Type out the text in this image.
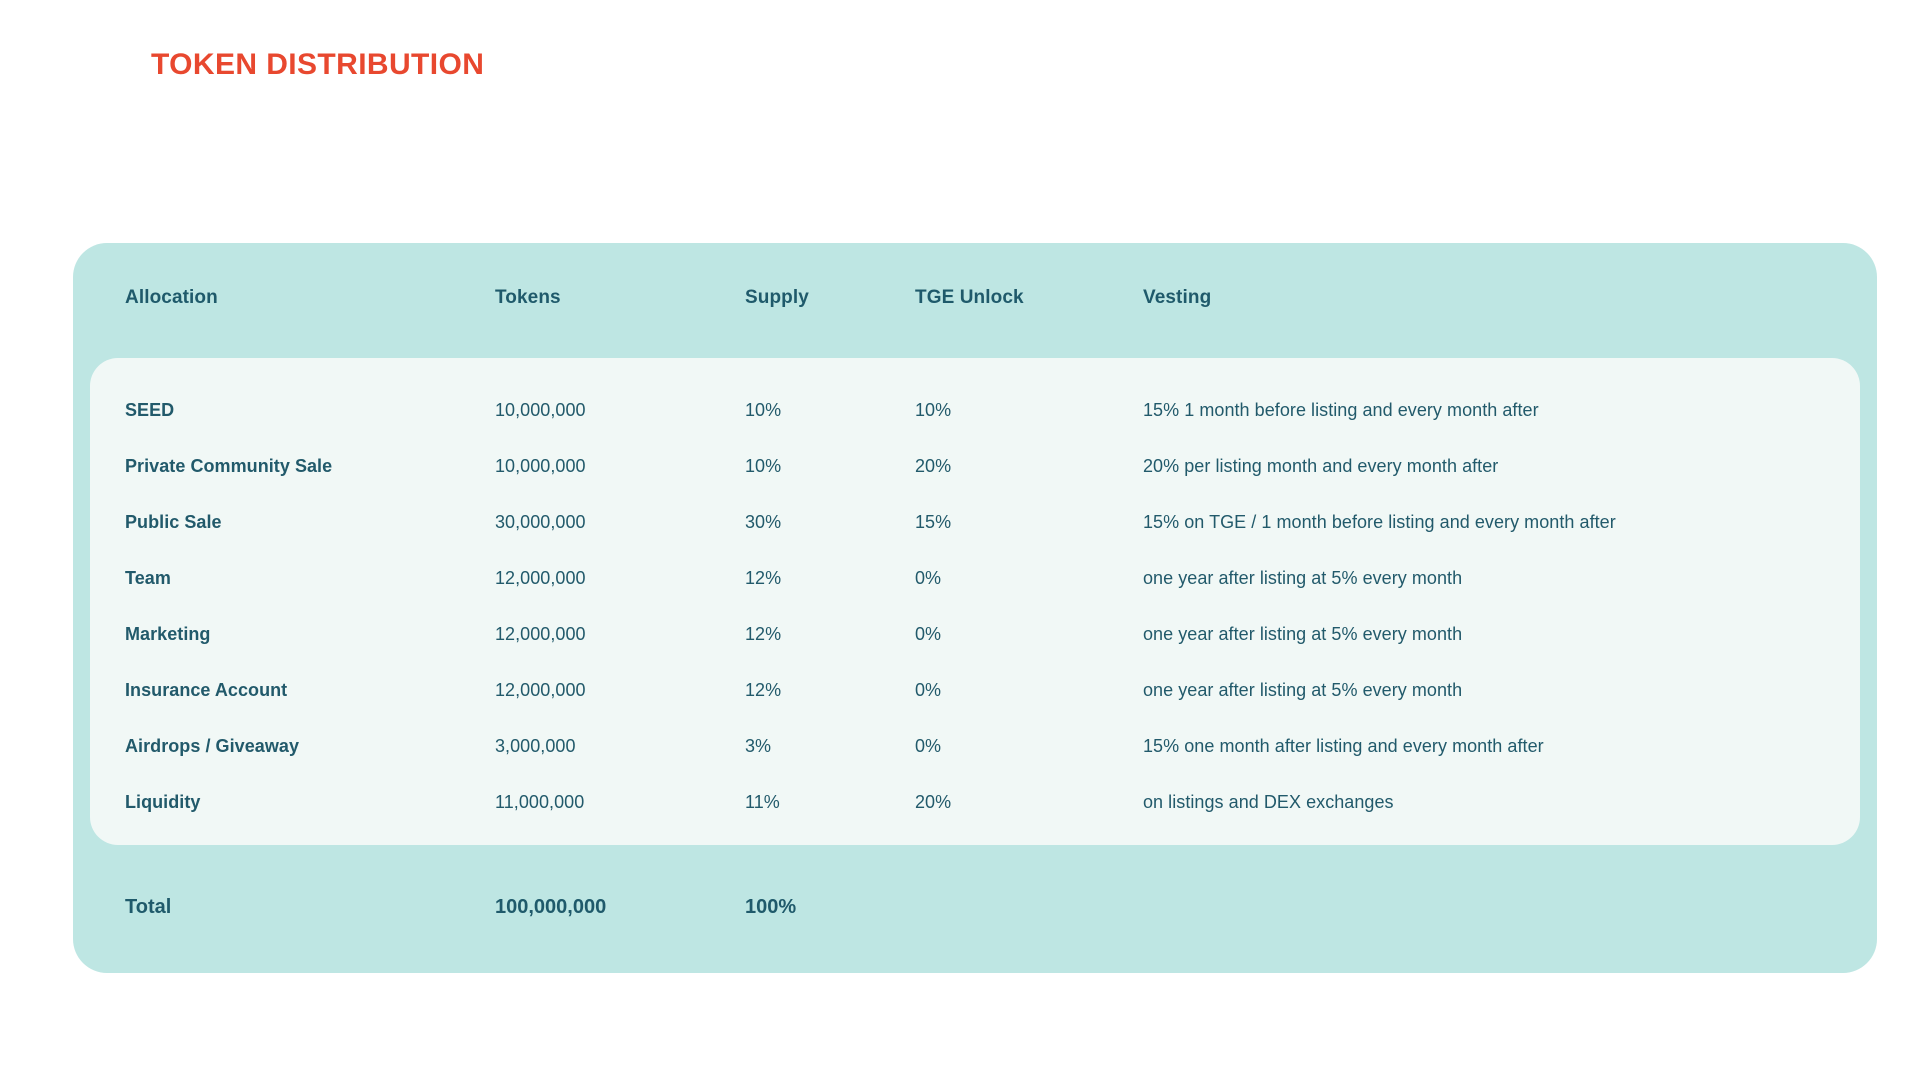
TOKEN DISTRIBUTION
Allocation	Tokens	Supply	TGE Unlock	Vesting
SEED	10,000,000	10%	10%	15% 1 month before listing and every month after
Private Community Sale	10,000,000	10%	20%	20% per listing month and every month after
Public Sale	30,000,000	30%	15%	15% on TGE / 1 month before listing and every month after
Team	12,000,000	12%	0%	one year after listing at 5% every month
Marketing	12,000,000	12%	0%	one year after listing at 5% every month
Insurance Account	12,000,000	12%	0%	one year after listing at 5% every month
Airdrops / Giveaway	3,000,000	3%	0%	15% one month after listing and every month after
Liquidity	11,000,000	11%	20%	on listings and DEX exchanges
Total	100,000,000	100%
